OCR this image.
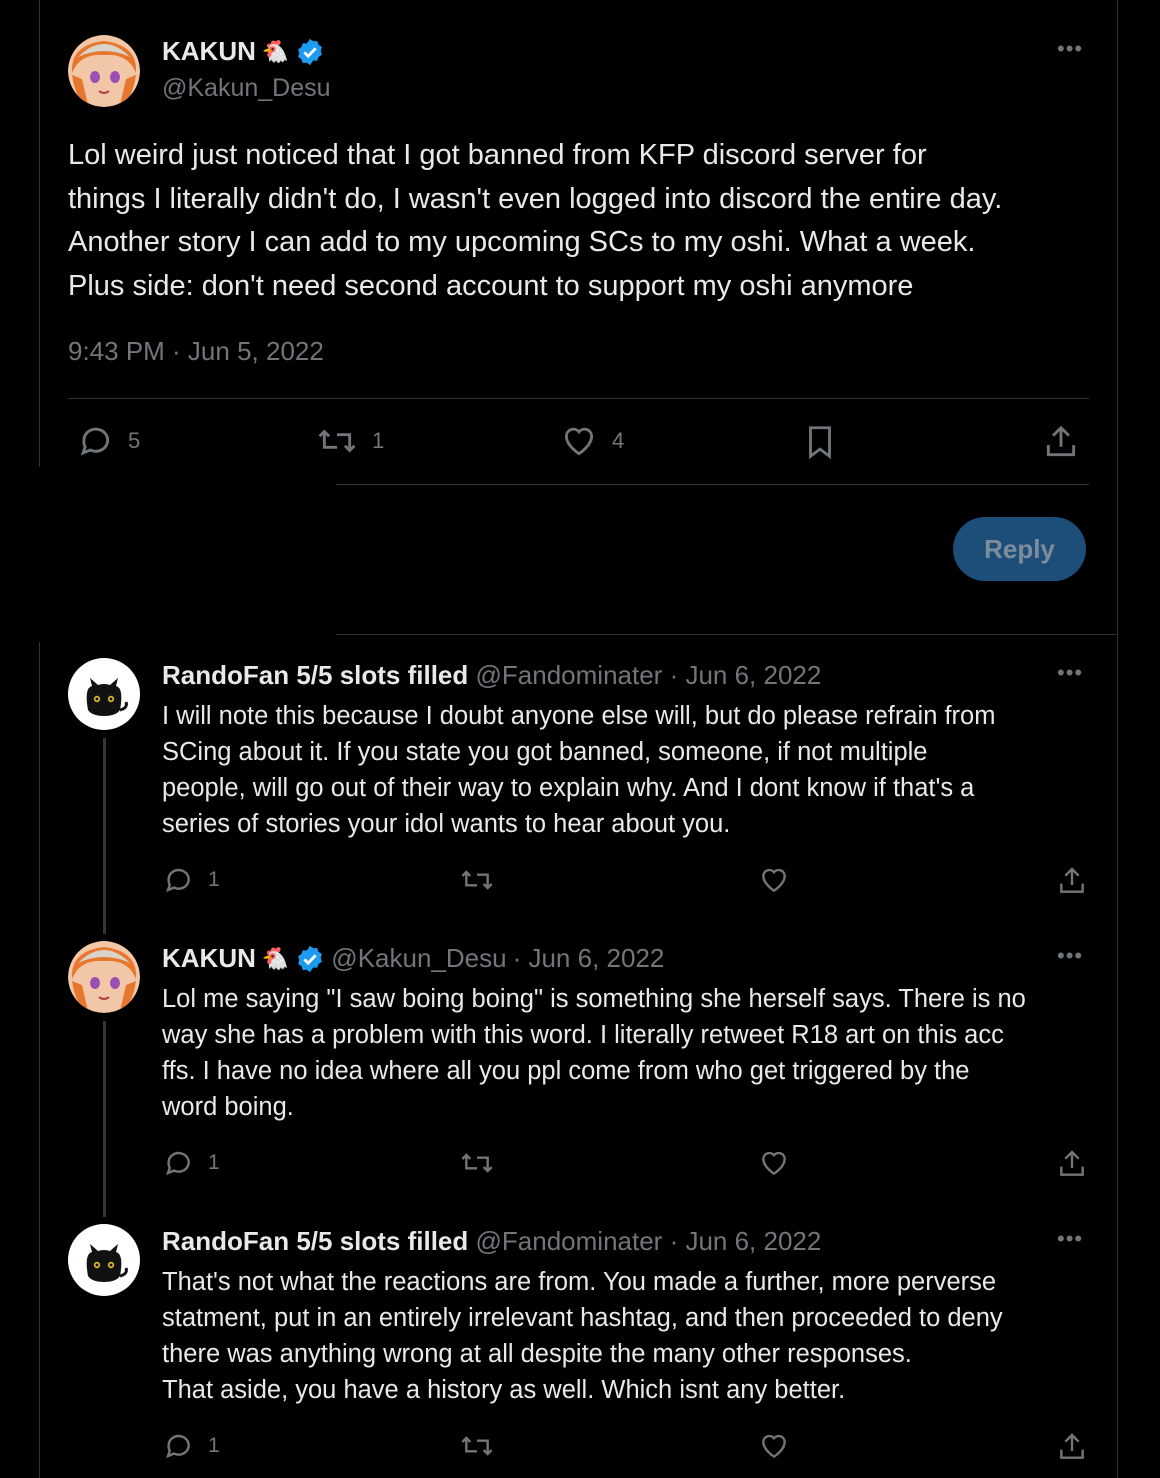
KAKUN 🐔
@Kakun_Desu
•••
Lol weird just noticed that I got banned from KFP discord server for
things I literally didn't do, I wasn't even logged into discord the entire day.
Another story I can add to my upcoming SCs to my oshi. What a week.
Plus side: don't need second account to support my oshi anymore
9:43 PM · Jun 5, 2022
5	1	4
Reply
RandoFan 5/5 slots filled @Fandominater · Jun 6, 2022	•••
I will note this because I doubt anyone else will, but do please refrain from
SCing about it. If you state you got banned, someone, if not multiple
people, will go out of their way to explain why. And I dont know if that's a
series of stories your idol wants to hear about you.
1
KAKUN 🐔 @Kakun_Desu · Jun 6, 2022	•••
Lol me saying "I saw boing boing" is something she herself says. There is no
way she has a problem with this word. I literally retweet R18 art on this acc
ffs. I have no idea where all you ppl come from who get triggered by the
word boing.
1
RandoFan 5/5 slots filled @Fandominater · Jun 6, 2022	•••
That's not what the reactions are from. You made a further, more perverse
statment, put in an entirely irrelevant hashtag, and then proceeded to deny
there was anything wrong at all despite the many other responses.
That aside, you have a history as well. Which isnt any better.
1
